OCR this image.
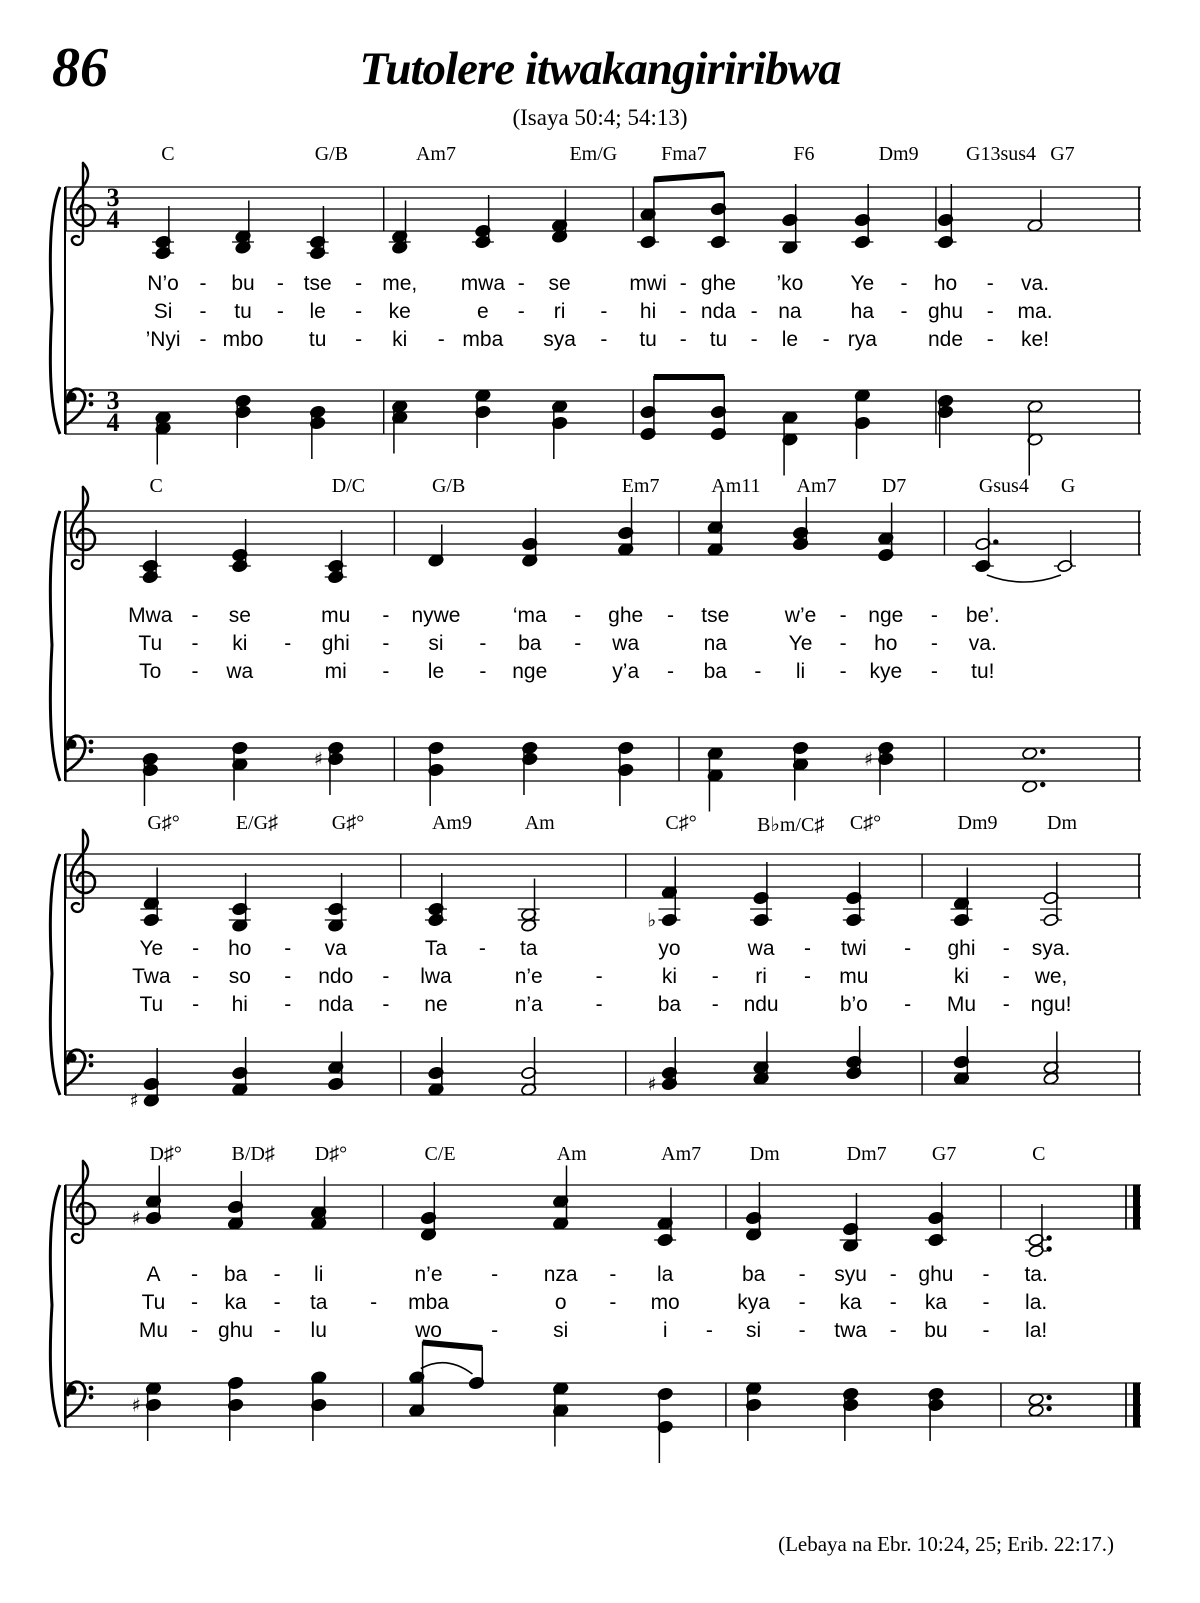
86	Tutolere itwakangiriribwa
(Isaya 50:4; 54:13)
C	G/B	Am7	Em/G Fma7	F6	Dm9 G13sus4 G7
N’o - bu - tse - me, mwa - se	mwi - ghe ’ko Ye - ho - va.
Si - tu - le - ke	e - ri - hi - nda - na ha - ghu - ma.
’Nyi - mbo tu - ki - mba sya - tu - tu - le - rya nde - ke!
3
4
3
4
C	D/C	G/B	Em7	Am11 Am7 D7	Gsus4 G
Mwa - se	mu - nywe ‘ma - ghe - tse	w’e - nge - be’.
Tu - ki - ghi - si - ba - wa	na	Ye - ho - va.
To - wa	mi - le - nge	y’a - ba - li - kye - tu!
♯	♯
G♯°	E/G♯	G♯°	Am9	Am	C♯°	B♭m/C♯ C♯°	Dm9 Dm
Ye - ho - va	Ta - ta	yo	wa - twi - ghi - sya.
Twa - so - ndo - lwa	n’e	-	ki - ri - mu	ki - we,
Tu - hi - nda - ne	n’a	-	ba - ndu	b’o - Mu - ngu!
♭
♯
♯
D♯° B/D♯ D♯°	C/E	Am	Am7 Dm	Dm7 G7	C
A - ba - li	n’e - nza - la	ba - syu - ghu - ta.
Tu - ka - ta - mba	o - mo	kya - ka - ka - la.
Mu - ghu - lu	wo -	si	i - si - twa - bu - la!
♯
♯
(Lebaya na Ebr. 10:24, 25; Erib. 22:17.)
